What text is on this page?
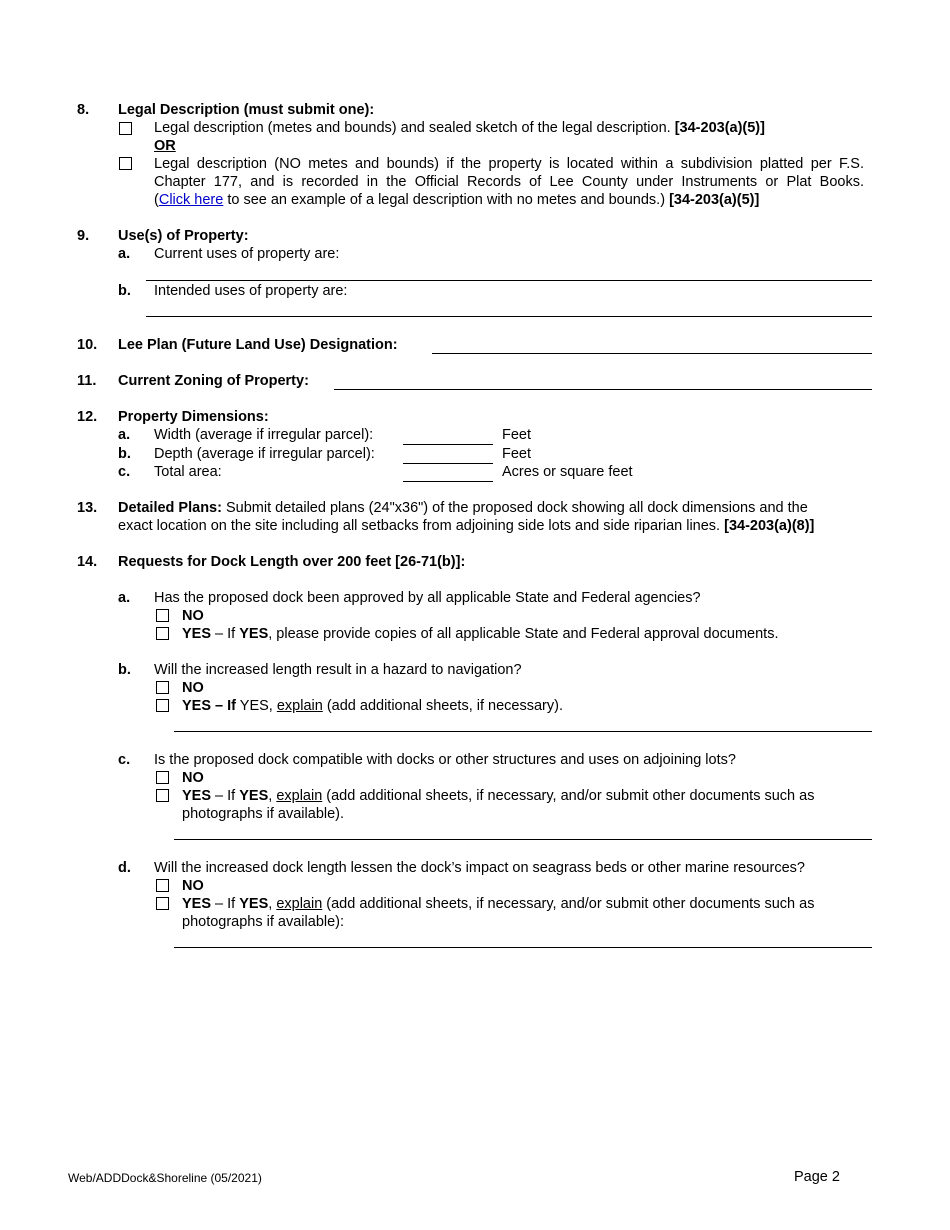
8. Legal Description (must submit one):
Legal description (metes and bounds) and sealed sketch of the legal description. [34-203(a)(5)]
OR
Legal description (NO metes and bounds) if the property is located within a subdivision platted per F.S.
Chapter 177, and is recorded in the Official Records of Lee County under Instruments or Plat Books.
(Click here to see an example of a legal description with no metes and bounds.) [34-203(a)(5)]
9. Use(s) of Property:
a. Current uses of property are:
b. Intended uses of property are:
10. Lee Plan (Future Land Use) Designation:
11. Current Zoning of Property:
12. Property Dimensions:
a. Width (average if irregular parcel):	Feet
b. Depth (average if irregular parcel):	Feet
c. Total area:	Acres or square feet
13. Detailed Plans: Submit detailed plans (24"x36") of the proposed dock showing all dock dimensions and the
exact location on the site including all setbacks from adjoining side lots and side riparian lines. [34-203(a)(8)]
14. Requests for Dock Length over 200 feet [26-71(b)]:
a. Has the proposed dock been approved by all applicable State and Federal agencies?
NO
YES – If YES, please provide copies of all applicable State and Federal approval documents.
b. Will the increased length result in a hazard to navigation?
NO
YES – If YES, explain (add additional sheets, if necessary).
c. Is the proposed dock compatible with docks or other structures and uses on adjoining lots?
NO
YES – If YES, explain (add additional sheets, if necessary, and/or submit other documents such as
photographs if available).
d. Will the increased dock length lessen the dock’s impact on seagrass beds or other marine resources?
NO
YES – If YES, explain (add additional sheets, if necessary, and/or submit other documents such as
photographs if available):
Web/ADDDock&Shoreline (05/2021)	Page 2
